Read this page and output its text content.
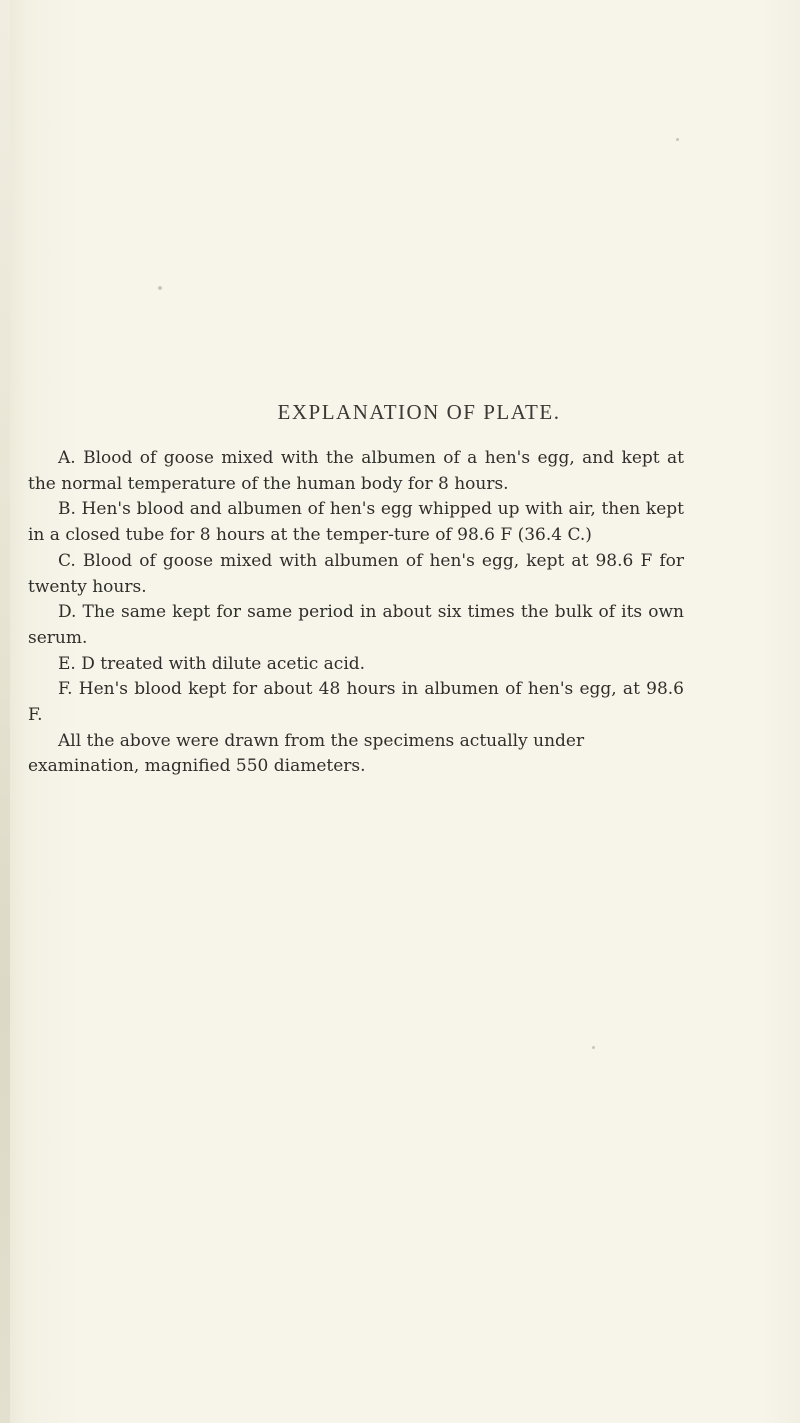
EXPLANATION OF PLATE.

A. Blood of goose mixed with the albumen of a hen's egg, and kept at the normal temperature of the human body for 8 hours.

B. Hen's blood and albumen of hen's egg whipped up with air, then kept in a closed tube for 8 hours at the temper-ture of 98.6 F (36.4 C.)

C. Blood of goose mixed with albumen of hen's egg, kept at 98.6 F for twenty hours.

D. The same kept for same period in about six times the bulk of its own serum.

E. D treated with dilute acetic acid.

F. Hen's blood kept for about 48 hours in albumen of hen's egg, at 98.6 F.

All the above were drawn from the specimens actually under examination, magnified 550 diameters.
